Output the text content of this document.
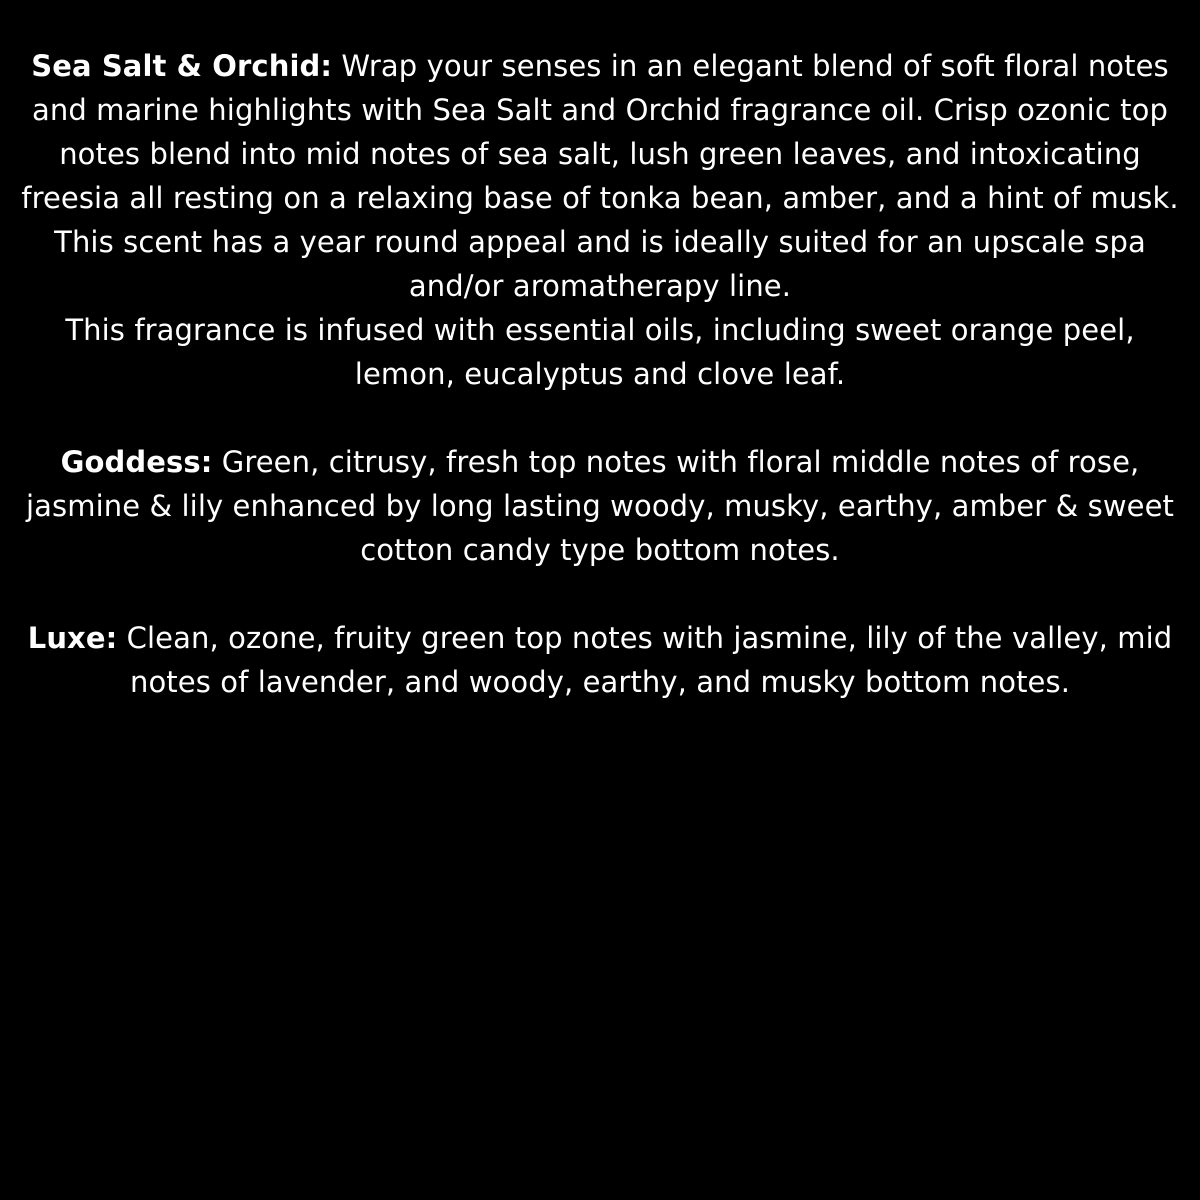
Sea Salt & Orchid: Wrap your senses in an elegant blend of soft floral notes and marine highlights with Sea Salt and Orchid fragrance oil. Crisp ozonic top notes blend into mid notes of sea salt, lush green leaves, and intoxicating freesia all resting on a relaxing base of tonka bean, amber, and a hint of musk. This scent has a year round appeal and is ideally suited for an upscale spa and/or aromatherapy line.

This fragrance is infused with essential oils, including sweet orange peel, lemon, eucalyptus and clove leaf.

Goddess: Green, citrusy, fresh top notes with floral middle notes of rose, jasmine & lily enhanced by long lasting woody, musky, earthy, amber & sweet cotton candy type bottom notes.

Luxe: Clean, ozone, fruity green top notes with jasmine, lily of the valley, mid notes of lavender, and woody, earthy, and musky bottom notes.
